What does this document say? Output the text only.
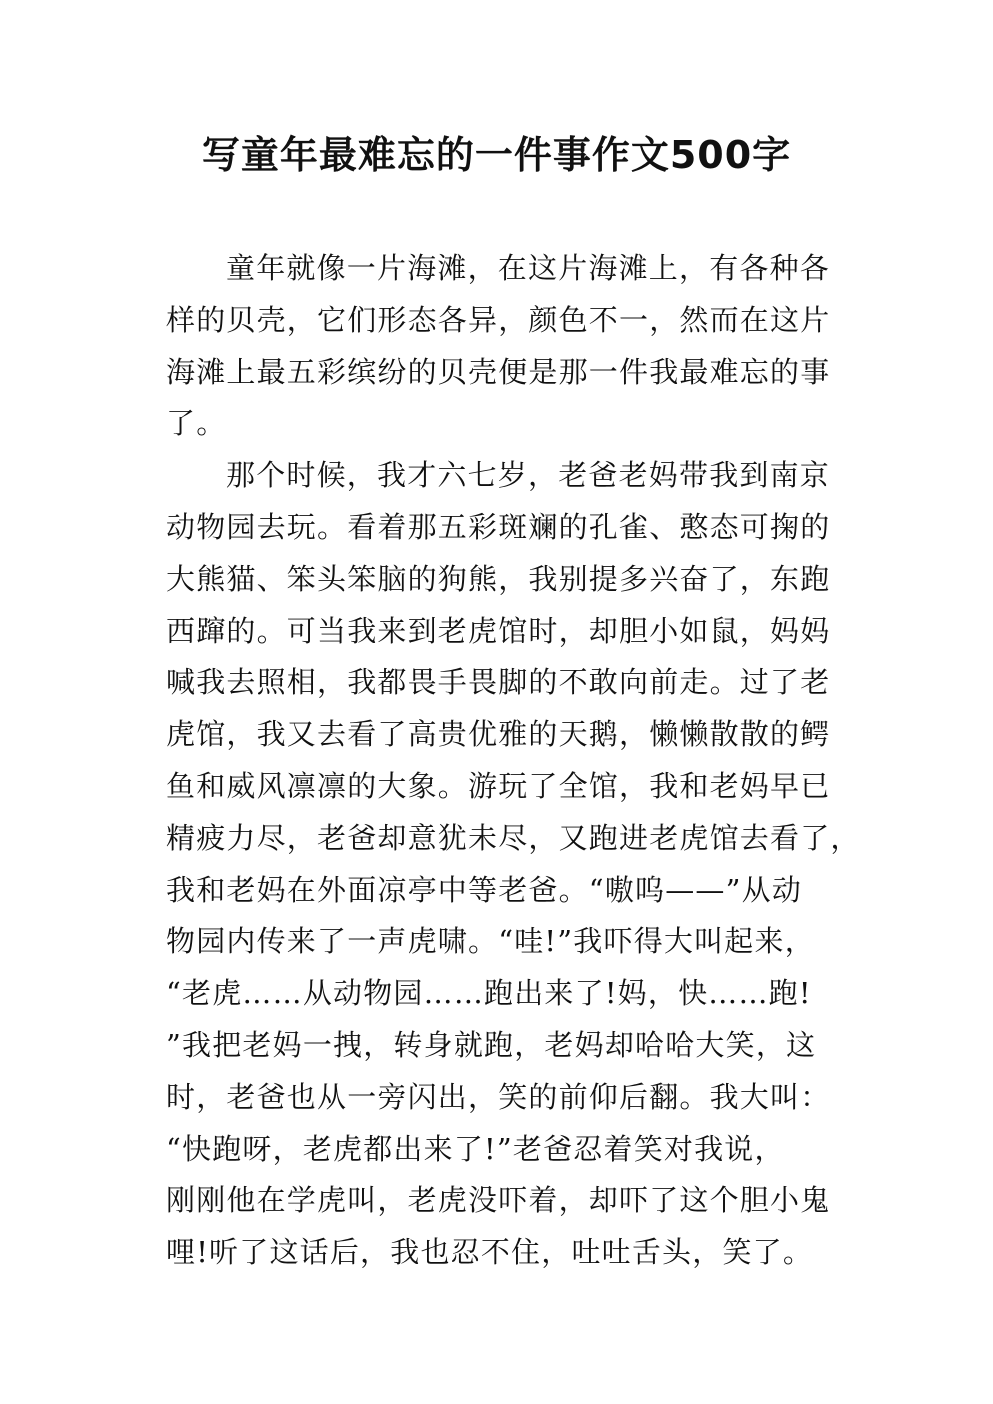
写童年最难忘的一件事作文500字
童年就像一片海滩，在这片海滩上，有各种各
样的贝壳，它们形态各异，颜色不一，然而在这片
海滩上最五彩缤纷的贝壳便是那一件我最难忘的事
了。
那个时候，我才六七岁，老爸老妈带我到南京
动物园去玩。看着那五彩斑斓的孔雀、憨态可掬的
大熊猫、笨头笨脑的狗熊，我别提多兴奋了，东跑
西蹿的。可当我来到老虎馆时，却胆小如鼠，妈妈
喊我去照相，我都畏手畏脚的不敢向前走。过了老
虎馆，我又去看了高贵优雅的天鹅，懒懒散散的鳄
鱼和威风凛凛的大象。游玩了全馆，我和老妈早已
精疲力尽，老爸却意犹未尽，又跑进老虎馆去看了，
我和老妈在外面凉亭中等老爸。“嗷呜——”从动
物园内传来了一声虎啸。“哇!”我吓得大叫起来，
“老虎……从动物园……跑出来了!妈，快……跑!
”我把老妈一拽，转身就跑，老妈却哈哈大笑，这
时，老爸也从一旁闪出，笑的前仰后翻。我大叫：
“快跑呀，老虎都出来了!”老爸忍着笑对我说，
刚刚他在学虎叫，老虎没吓着，却吓了这个胆小鬼
哩!听了这话后，我也忍不住，吐吐舌头，笑了。
